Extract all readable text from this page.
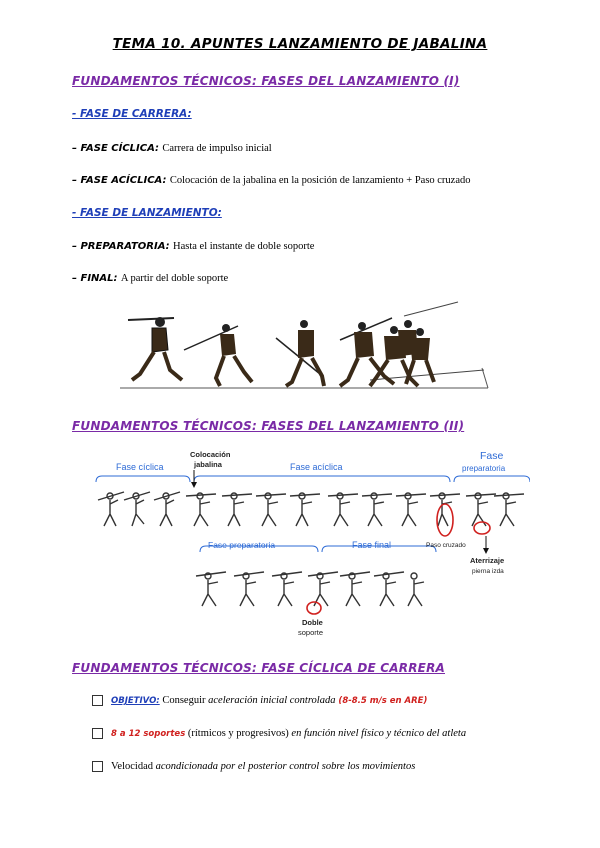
TEMA 10. APUNTES LANZAMIENTO DE JABALINA
FUNDAMENTOS TÉCNICOS: FASES DEL LANZAMIENTO (I)
- FASE DE CARRERA:
– FASE CÍCLICA: Carrera de impulso inicial
– FASE ACÍCLICA: Colocación de la jabalina en la posición de lanzamiento + Paso cruzado
- FASE DE LANZAMIENTO:
– PREPARATORIA: Hasta el instante de doble soporte
– FINAL: A partir del doble soporte
FUNDAMENTOS TÉCNICOS: FASES DEL LANZAMIENTO (II)
Fase cíclica
Colocación
jabalina	Fase acíclica
Fase
preparatoria
Fase preparatoria	Fase final	Paso cruzado
Aterrizaje
pierna izda
Doble
soporte
FUNDAMENTOS TÉCNICOS: FASE CÍCLICA DE CARRERA
OBJETIVO: Conseguir aceleración inicial controlada (8-8.5 m/s en ARE)
8 a 12 soportes (rítmicos y progresivos) en función nivel físico y técnico del atleta
Velocidad acondicionada por el posterior control sobre los movimientos
